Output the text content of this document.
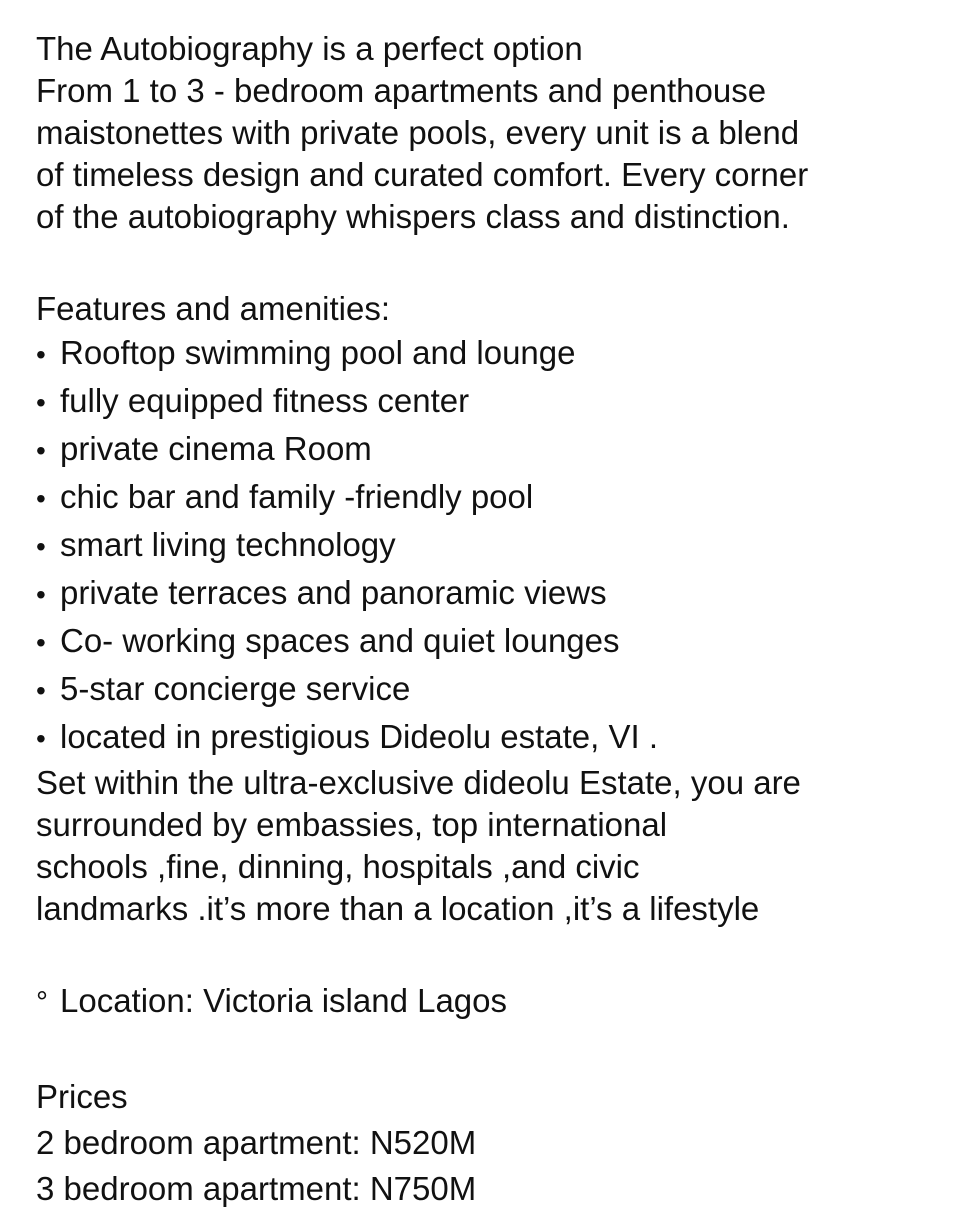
The Autobiography is a perfect option
From 1 to 3 - bedroom apartments and penthouse
maistonettes with private pools, every unit is a blend
of timeless design and curated comfort. Every corner
of the autobiography whispers class and distinction.
Features and amenities:
• Rooftop swimming pool and lounge
• fully equipped fitness center
• private cinema Room
• chic bar and family -friendly pool
• smart living technology
• private terraces and panoramic views
• Co- working spaces and quiet lounges
• 5-star concierge service
• located in prestigious Dideolu estate, VI .
Set within the ultra-exclusive dideolu Estate, you are
surrounded by embassies, top international
schools ,fine, dinning, hospitals ,and civic
landmarks .it’s more than a location ,it’s a lifestyle
° Location: Victoria island Lagos
Prices
2 bedroom apartment: N520M
3 bedroom apartment: N750M
